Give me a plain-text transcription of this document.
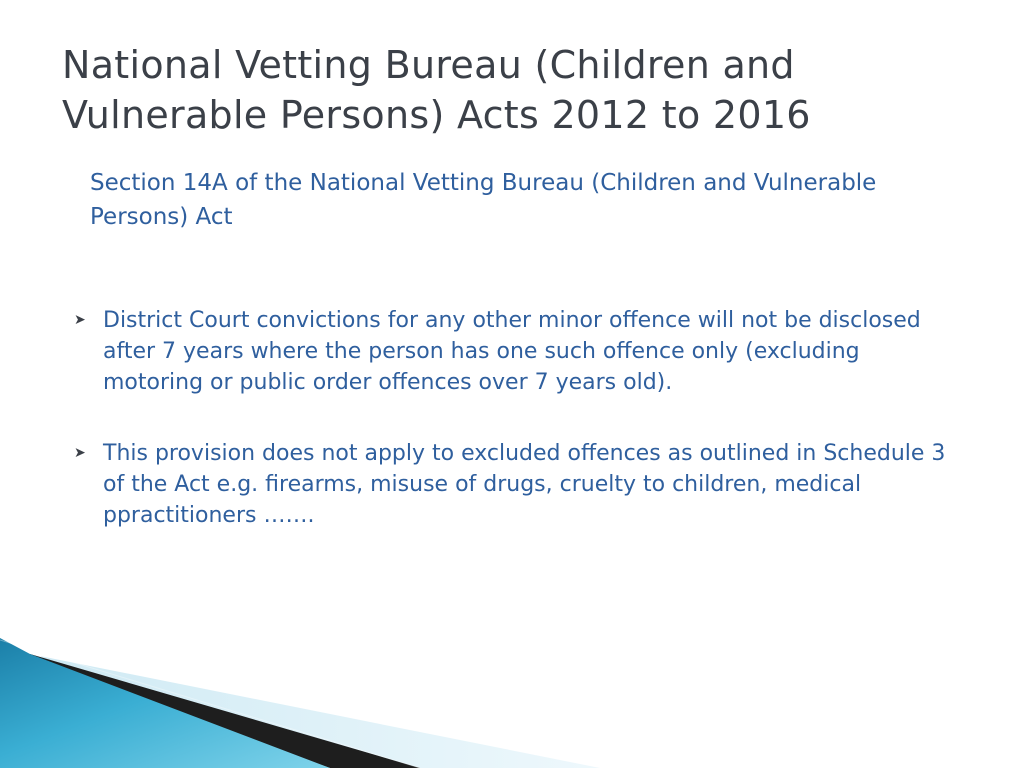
National Vetting Bureau (Children and Vulnerable Persons) Acts 2012 to 2016

Section 14A of the National Vetting Bureau (Children and Vulnerable Persons) Act

➤ District Court convictions for any other minor offence will not be disclosed after 7 years where the person has one such offence only (excluding motoring or public order offences over 7 years old).
➤ This provision does not apply to excluded offences as outlined in Schedule 3 of the Act e.g. firearms, misuse of drugs, cruelty to children, medical ppractitioners …….
